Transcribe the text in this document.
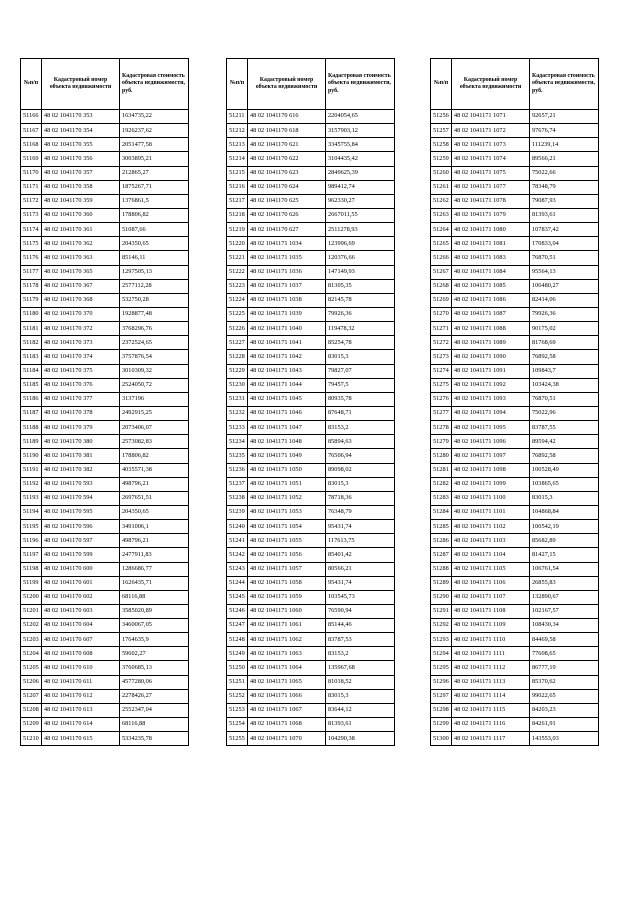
№п/п	Кадастровый номер объекта недвижимости	Кадастровая стоимость объекта недвижимости, руб.
51166	48 02 1041170 353	1634735,22
51167	48 02 1041170 354	1926237,62
51168	48 02 1041170 355	2051477,58
51169	48 02 1041170 356	3003895,21
51170	48 02 1041170 357	212865,27
51171	48 02 1041170 358	1875267,71
51172	48 02 1041170 359	1376861,5
51173	48 02 1041170 360	178806,82
51174	48 02 1041170 361	51087,66
51175	48 02 1041170 362	204350,65
51176	48 02 1041170 363	85146,11
51177	48 02 1041170 365	1297505,13
51178	48 02 1041170 367	2577112,28
51179	48 02 1041170 368	532750,28
51180	48 02 1041170 370	1928877,48
51181	48 02 1041170 372	3768296,76
51182	48 02 1041170 373	2372524,65
51183	48 02 1041170 374	3757876,54
51184	48 02 1041170 375	3010309,32
51185	48 02 1041170 376	2524050,72
51186	48 02 1041170 377	3137196
51187	48 02 1041170 378	2492915,25
51188	48 02 1041170 379	2073406,07
51189	48 02 1041170 380	2573082,83
51190	48 02 1041170 381	178806,82
51191	48 02 1041170 382	4035571,38
51192	48 02 1041170 593	498796,21
51193	48 02 1041170 594	2697651,51
51194	48 02 1041170 595	204350,65
51195	48 02 1041170 596	3491006,1
51196	48 02 1041170 597	498796,21
51197	48 02 1041170 599	2477911,83
51198	48 02 1041170 600	1286686,77
51199	48 02 1041170 601	1626435,71
51200	48 02 1041170 602	68116,88
51201	48 02 1041170 603	3585020,89
51202	48 02 1041170 604	3460067,05
51203	48 02 1041170 607	1764635,9
51204	48 02 1041170 608	59602,27
51205	48 02 1041170 610	3760685,13
51206	48 02 1041170 611	4577280,06
51207	48 02 1041170 612	2278426,27
51208	48 02 1041170 613	2552347,04
51209	48 02 1041170 614	68116,88
51210	48 02 1041170 615	5334235,78
№п/п	Кадастровый номер объекта недвижимости	Кадастровая стоимость объекта недвижимости, руб.
51211	48 02 1041170 616	2204054,65
51212	48 02 1041170 618	3157903,12
51213	48 02 1041170 621	3345755,84
51214	48 02 1041170 622	3104435,42
51215	48 02 1041170 623	2849625,39
51216	48 02 1041170 624	989412,74
51217	48 02 1041170 625	962330,27
51218	48 02 1041170 626	2667011,55
51219	48 02 1041170 627	2511278,93
51220	48 02 1041171 1034	123996,69
51221	48 02 1041171 1035	120376,66
51222	48 02 1041171 1036	147149,93
51223	48 02 1041171 1037	81305,35
51224	48 02 1041171 1038	82145,78
51225	48 02 1041171 1039	79926,36
51226	48 02 1041171 1040	119478,32
51227	48 02 1041171 1041	85254,78
51228	48 02 1041171 1042	83015,3
51229	48 02 1041171 1043	79827,07
51230	48 02 1041171 1044	79457,5
51231	48 02 1041171 1045	80935,78
51232	48 02 1041171 1046	87648,71
51233	48 02 1041171 1047	83153,2
51234	48 02 1041171 1048	85894,63
51235	48 02 1041171 1049	76506,94
51236	48 02 1041171 1050	89098,02
51237	48 02 1041171 1051	83015,3
51238	48 02 1041171 1052	78718,36
51239	48 02 1041171 1053	76348,79
51240	48 02 1041171 1054	95431,74
51241	48 02 1041171 1055	117613,75
51242	48 02 1041171 1056	85401,42
51243	48 02 1041171 1057	80566,21
51244	48 02 1041171 1058	95431,74
51245	48 02 1041171 1059	103545,73
51246	48 02 1041171 1060	76590,94
51247	48 02 1041171 1061	85144,46
51248	48 02 1041171 1062	83787,53
51249	48 02 1041171 1063	83153,2
51250	48 02 1041171 1064	135967,68
51251	48 02 1041171 1065	81018,52
51252	48 02 1041171 1066	83015,3
51253	48 02 1041171 1067	83644,12
51254	48 02 1041171 1068	81393,61
51255	48 02 1041171 1070	104290,38
№п/п	Кадастровый номер объекта недвижимости	Кадастровая стоимость объекта недвижимости, руб.
51256	48 02 1041171 1071	92657,21
51257	48 02 1041171 1072	97676,74
51258	48 02 1041171 1073	111239,14
51259	48 02 1041171 1074	89566,21
51260	48 02 1041171 1075	75022,66
51261	48 02 1041171 1077	78348,79
51262	48 02 1041171 1078	79087,93
51263	48 02 1041171 1079	81393,61
51264	48 02 1041171 1080	107837,42
51265	48 02 1041171 1081	170833,04
51266	48 02 1041171 1083	76870,51
51267	48 02 1041171 1084	95564,13
51268	48 02 1041171 1085	106480,27
51269	48 02 1041171 1086	82414,06
51270	48 02 1041171 1087	79926,36
51271	48 02 1041171 1088	90175,02
51272	48 02 1041171 1089	81768,69
51273	48 02 1041171 1090	76892,58
51274	48 02 1041171 1091	109843,7
51275	48 02 1041171 1092	103424,38
51276	48 02 1041171 1093	76870,51
51277	48 02 1041171 1094	75022,96
51278	48 02 1041171 1095	83787,55
51279	48 02 1041171 1096	89594,42
51280	48 02 1041171 1097	76892,58
51281	48 02 1041171 1098	100528,49
51282	48 02 1041171 1099	103865,65
51283	48 02 1041171 1100	83015,3
51284	48 02 1041171 1101	104868,84
51285	48 02 1041171 1102	100542,19
51286	48 02 1041171 1103	85682,89
51287	48 02 1041171 1104	81427,15
51288	48 02 1041171 1105	106761,54
51289	48 02 1041171 1106	26855,83
51290	48 02 1041171 1107	132890,67
51291	48 02 1041171 1108	102167,57
51292	48 02 1041171 1109	108430,34
51293	48 02 1041171 1110	84469,58
51294	48 02 1041171 1111	77608,65
51295	48 02 1041171 1112	86777,19
51296	48 02 1041171 1113	85370,62
51297	48 02 1041171 1114	99022,65
51298	48 02 1041171 1115	84203,23
51299	48 02 1041171 1116	84261,91
51300	48 02 1041171 1117	143553,03
